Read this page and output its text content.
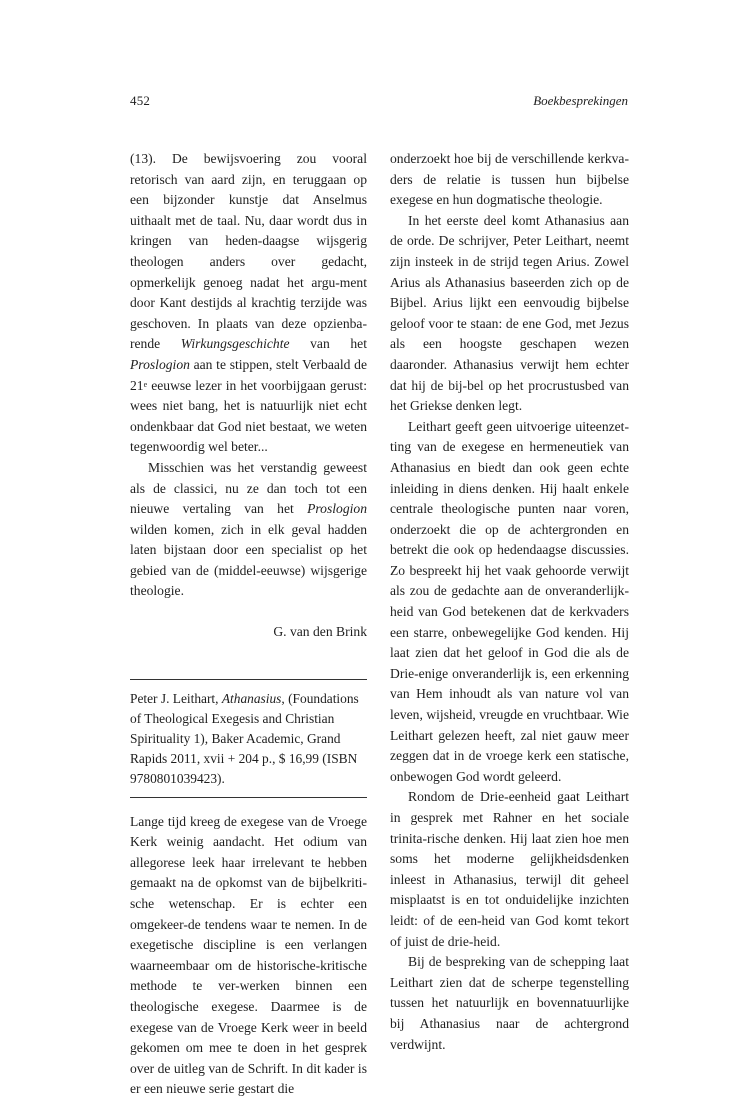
452	Boekbesprekingen

(13). De bewijsvoering zou vooral retorisch van aard zijn, en teruggaan op een bijzonder kunstje dat Anselmus uithaalt met de taal. Nu, daar wordt dus in kringen van heden-daagse wijsgerig theologen anders over gedacht, opmerkelijk genoeg nadat het argu-ment door Kant destijds al krachtig terzijde was geschoven. In plaats van deze opzienba-rende Wirkungsgeschichte van het Proslogion aan te stippen, stelt Verbaald de 21e eeuwse lezer in het voorbijgaan gerust: wees niet bang, het is natuurlijk niet echt ondenkbaar dat God niet bestaat, we weten tegenwoordig wel beter...

Misschien was het verstandig geweest als de classici, nu ze dan toch tot een nieuwe vertaling van het Proslogion wilden komen, zich in elk geval hadden laten bijstaan door een specialist op het gebied van de (middel-eeuwse) wijsgerige theologie.

G. van den Brink

Peter J. Leithart, Athanasius, (Foundations of Theological Exegesis and Christian Spirituality 1), Baker Academic, Grand Rapids 2011, xvii + 204 p., $ 16,99 (ISBN 9780801039423).

Lange tijd kreeg de exegese van de Vroege Kerk weinig aandacht. Het odium van allegorese leek haar irrelevant te hebben gemaakt na de opkomst van de bijbelkriti-sche wetenschap. Er is echter een omgekeer-de tendens waar te nemen. In de exegetische discipline is een verlangen waarneembaar om de historische-kritische methode te ver-werken binnen een theologische exegese. Daarmee is de exegese van de Vroege Kerk weer in beeld gekomen om mee te doen in het gesprek over de uitleg van de Schrift. In dit kader is er een nieuwe serie gestart die

onderzoekt hoe bij de verschillende kerkva-ders de relatie is tussen hun bijbelse exegese en hun dogmatische theologie.

In het eerste deel komt Athanasius aan de orde. De schrijver, Peter Leithart, neemt zijn insteek in de strijd tegen Arius. Zowel Arius als Athanasius baseerden zich op de Bijbel. Arius lijkt een eenvoudig bijbelse geloof voor te staan: de ene God, met Jezus als een hoogste geschapen wezen daaronder. Athanasius verwijt hem echter dat hij de bij-bel op het procrustusbed van het Griekse denken legt.

Leithart geeft geen uitvoerige uiteenzet-ting van de exegese en hermeneutiek van Athanasius en biedt dan ook geen echte inleiding in diens denken. Hij haalt enkele centrale theologische punten naar voren, onderzoekt die op de achtergronden en betrekt die ook op hedendaagse discussies. Zo bespreekt hij het vaak gehoorde verwijt als zou de gedachte aan de onveranderlijk-heid van God betekenen dat de kerkvaders een starre, onbewegelijke God kenden. Hij laat zien dat het geloof in God die als de Drie-enige onveranderlijk is, een erkenning van Hem inhoudt als van nature vol van leven, wijsheid, vreugde en vruchtbaar. Wie Leithart gelezen heeft, zal niet gauw meer zeggen dat in de vroege kerk een statische, onbewogen God wordt geleerd.

Rondom de Drie-eenheid gaat Leithart in gesprek met Rahner en het sociale trinita-rische denken. Hij laat zien hoe men soms het moderne gelijkheidsdenken inleest in Athanasius, terwijl dit geheel misplaatst is en tot onduidelijke inzichten leidt: of de een-heid van God komt tekort of juist de drie-heid.

Bij de bespreking van de schepping laat Leithart zien dat de scherpe tegenstelling tussen het natuurlijk en bovennatuurlijke bij Athanasius naar de achtergrond verdwijnt.
